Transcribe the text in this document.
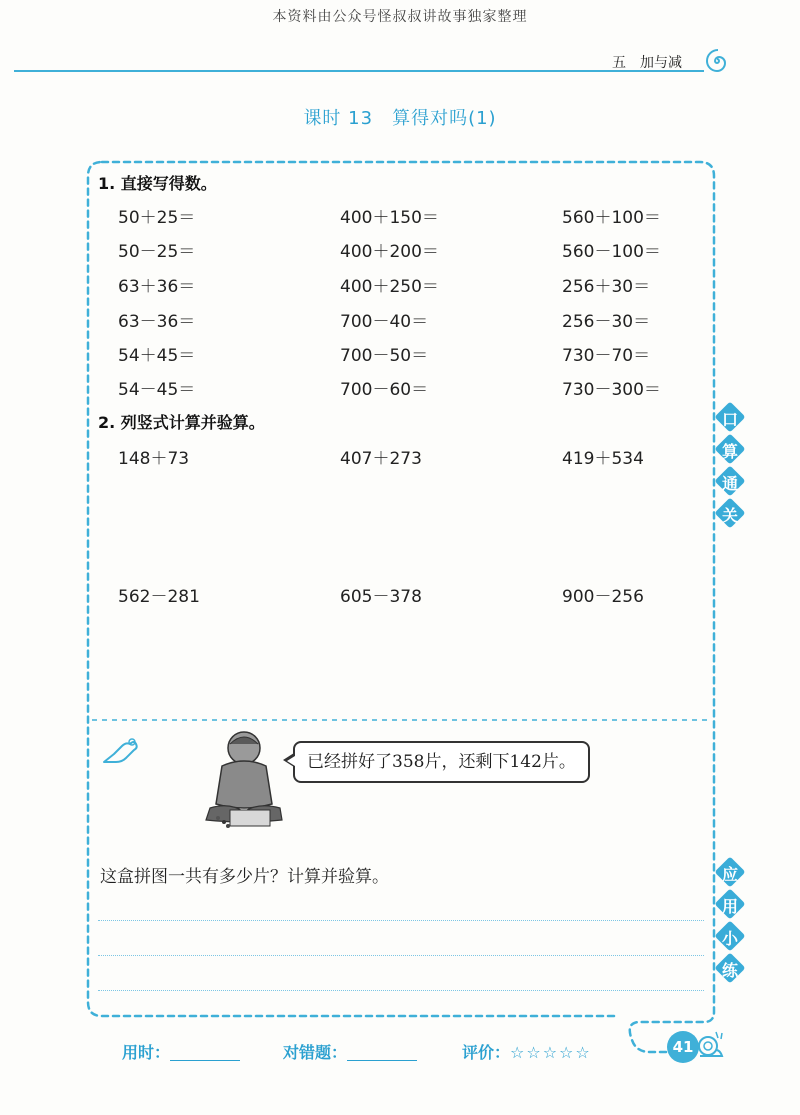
本资料由公众号怪叔叔讲故事独家整理
五 加与减
课时 13　算得对吗(1)
1. 直接写得数。
50＋25＝	400＋150＝	560＋100＝
50－25＝	400＋200＝	560－100＝
63＋36＝	400＋250＝	256＋30＝
63－36＝	700－40＝	256－30＝
54＋45＝	700－50＝	730－70＝
54－45＝	700－60＝	730－300＝
2. 列竖式计算并验算。
148＋73	407＋273	419＋534
562－281	605－378	900－256
口
算
通
关
应
用
小
练
已经拼好了358片，还剩下142片。
这盒拼图一共有多少片？计算并验算。
用时：	对错题：	评价：☆☆☆☆☆	41
